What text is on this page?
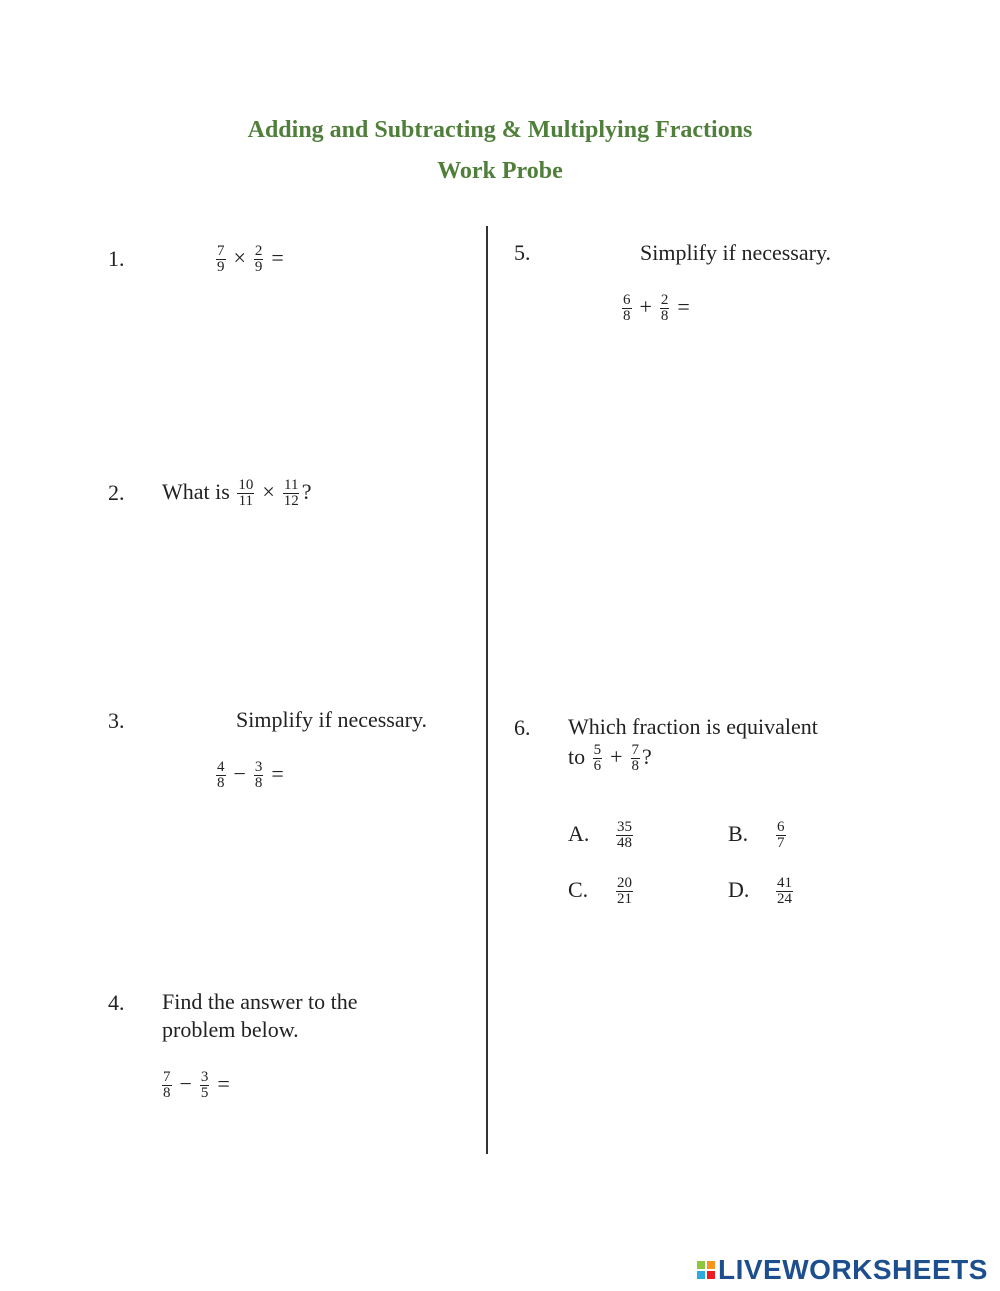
Adding and Subtracting & Multiplying Fractions
Work Probe
1.	$\frac{7}{9} \times \frac{2}{9}$ =
2. What is $\frac{10}{11} \times \frac{11}{12}$ ?
3.	Simplify if necessary.
$\frac{4}{8} - \frac{3}{8}$ =
4. Find the answer to the
problem below.
$\frac{7}{8} - \frac{3}{5}$ =
5.	Simplify if necessary.
$\frac{6}{8} + \frac{2}{8}$ =
6. Which fraction is equivalent
to $\frac{5}{6} + \frac{7}{8}$ ?
A. $\frac{35}{48}$	B. $\frac{6}{7}$
C. $\frac{20}{21}$	D. $\frac{41}{24}$
LIVEWORKSHEETS
